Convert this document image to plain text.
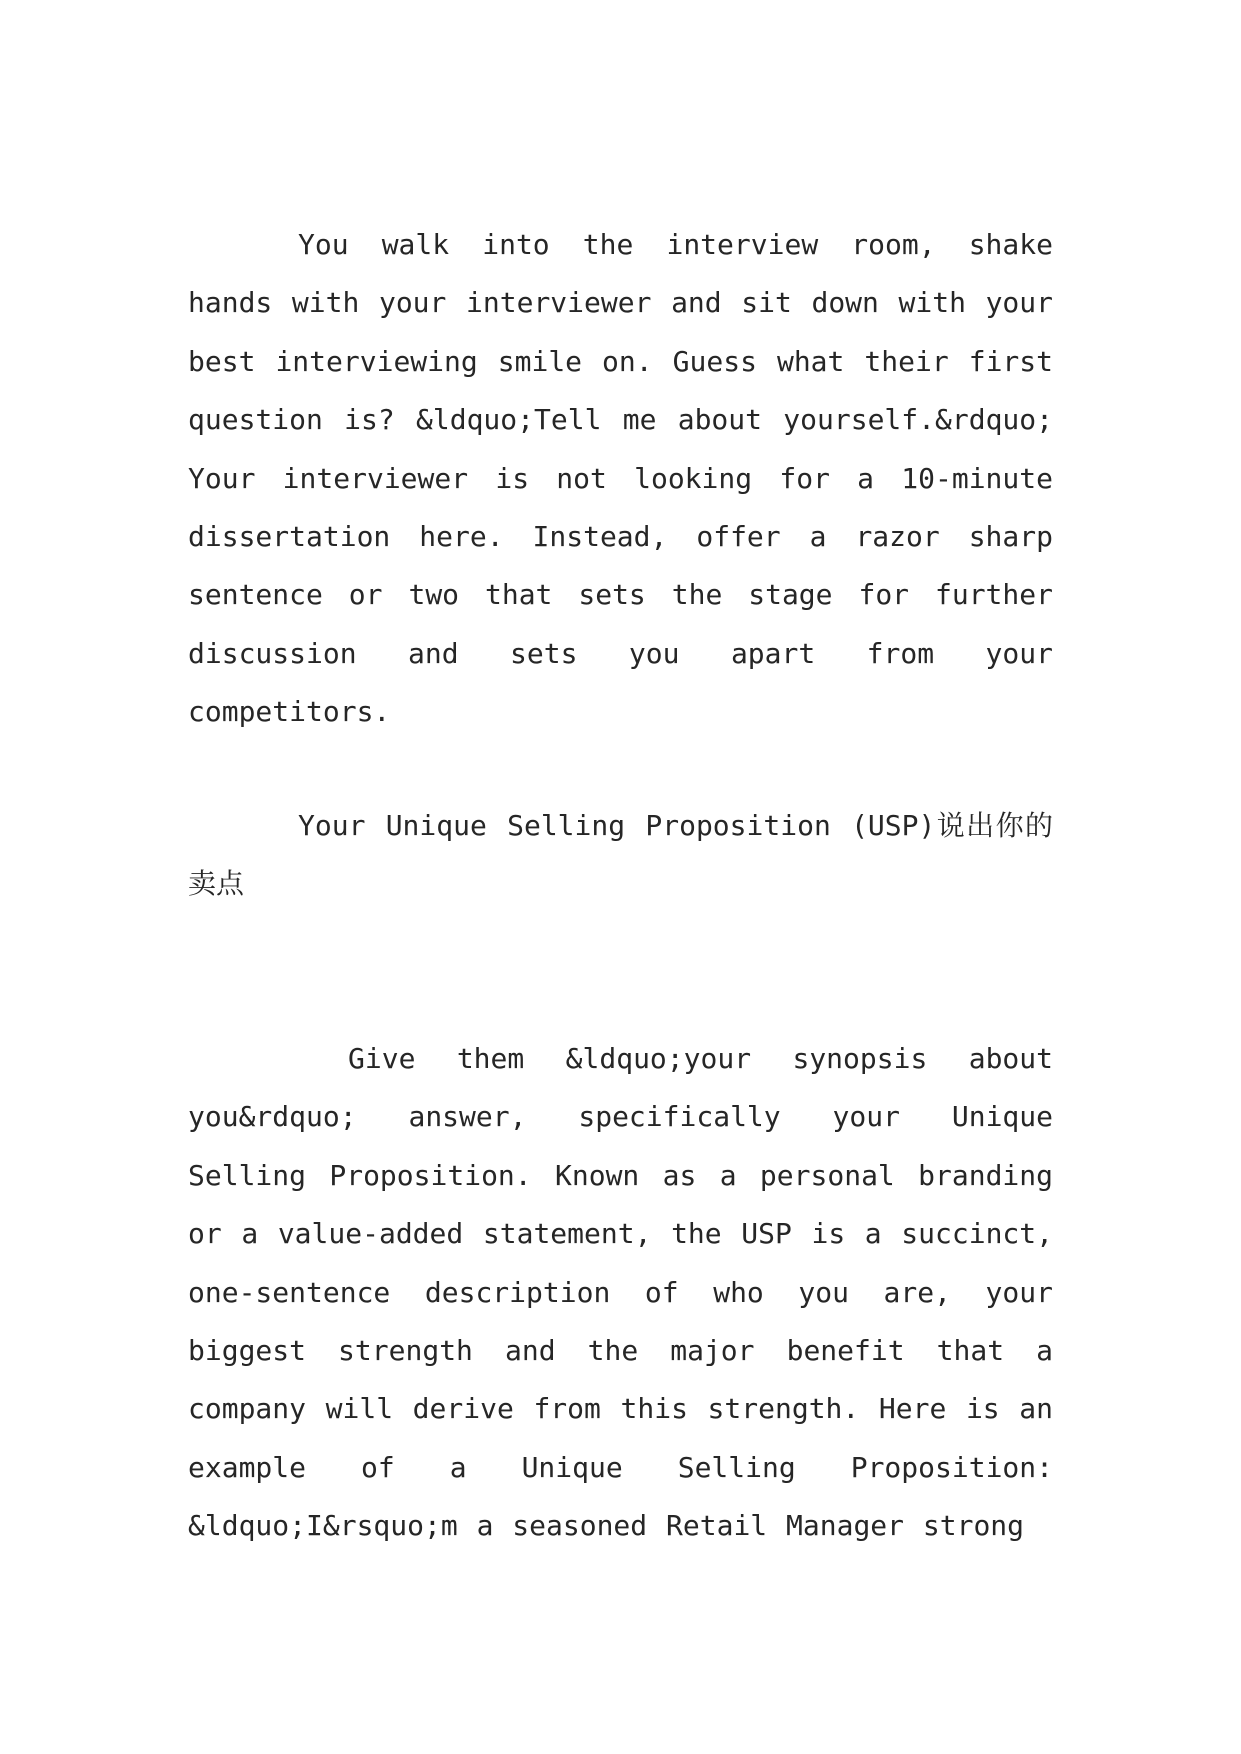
You walk into the interview room, shake hands with your interviewer and sit down with your best interviewing smile on. Guess what their first question is? &ldquo;Tell me about yourself.&rdquo; Your interviewer is not looking for a 10-minute dissertation here. Instead, offer a razor sharp sentence or two that sets the stage for further discussion and sets you apart from your competitors.

Your Unique Selling Proposition (USP)说出你的卖点

Give them &ldquo;your synopsis about you&rdquo; answer, specifically your Unique Selling Proposition. Known as a personal branding or a value-added statement, the USP is a succinct, one-sentence description of who you are, your biggest strength and the major benefit that a company will derive from this strength. Here is an example of a Unique Selling Proposition: &ldquo;I&rsquo;m a seasoned Retail Manager strong
